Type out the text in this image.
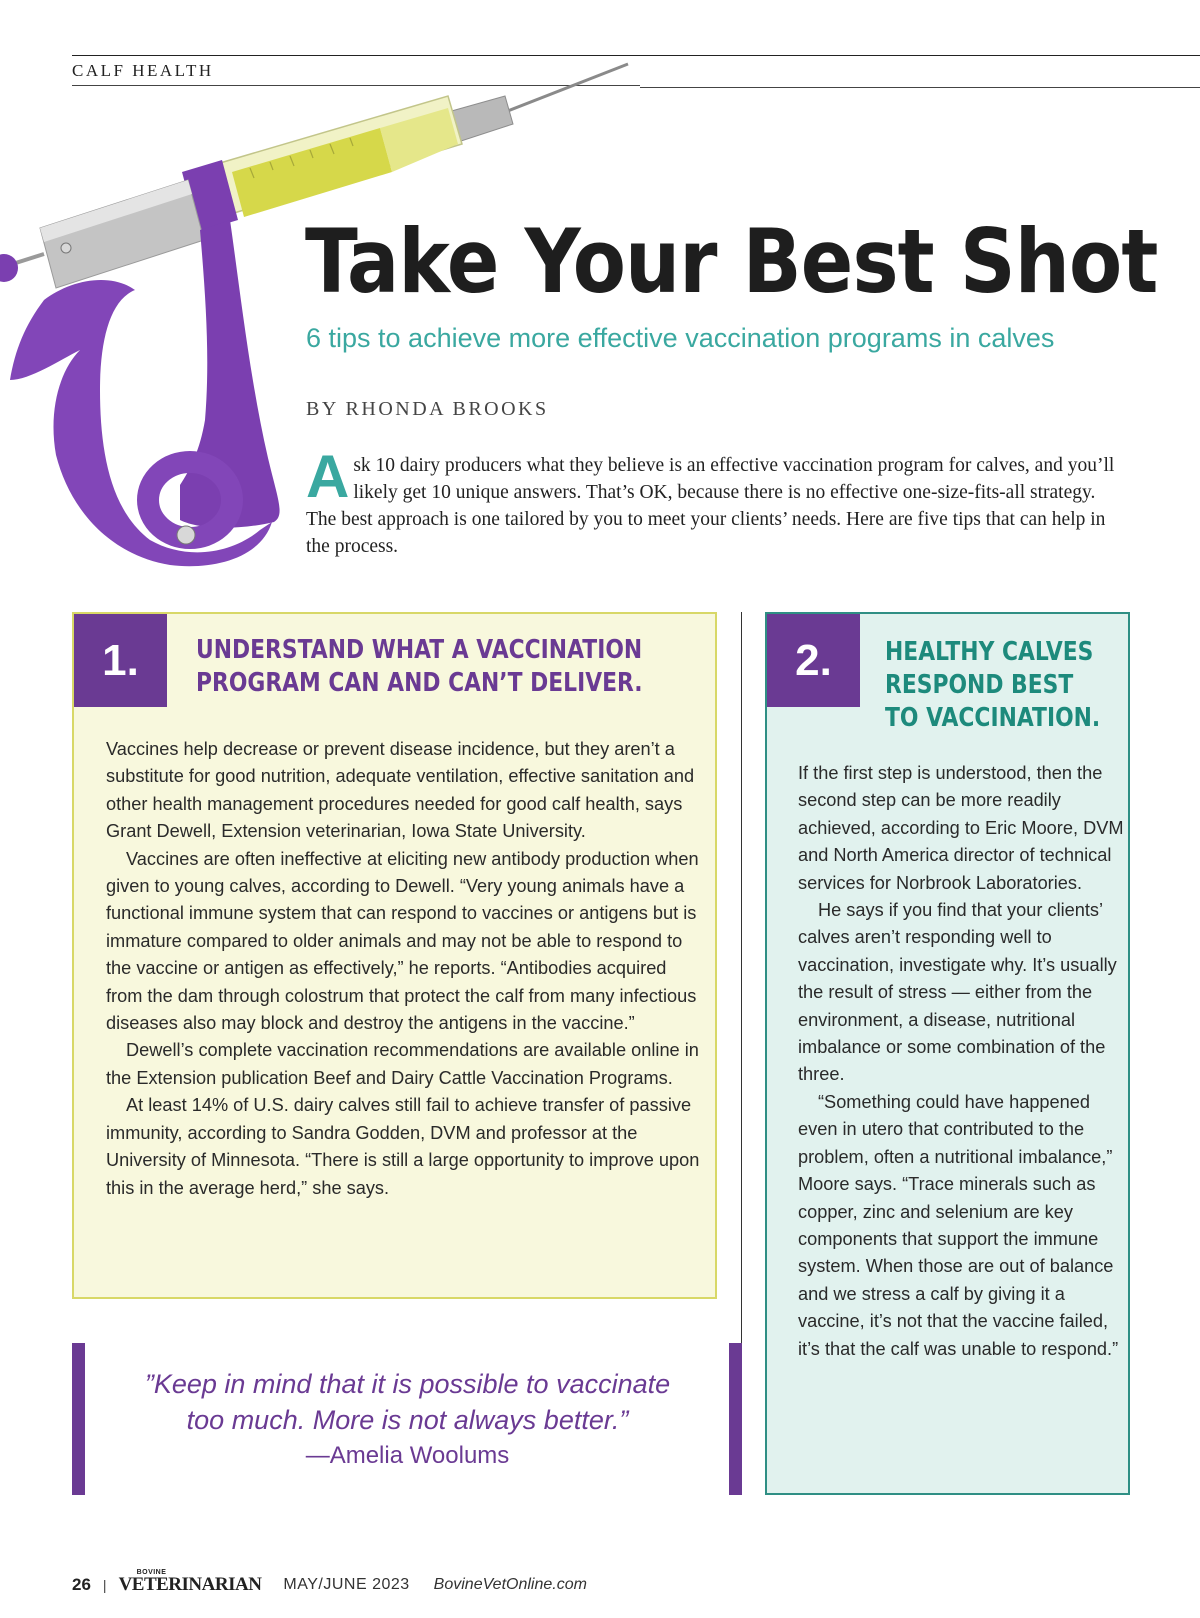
CALF HEALTH
Take Your Best Shot
6 tips to achieve more effective vaccination programs in calves
BY RHONDA BROOKS
Ask 10 dairy producers what they believe is an effective vaccination program for calves, and you’ll likely get 10 unique answers. That’s OK, because there is no effective one-size-fits-all strategy. The best approach is one tailored by you to meet your clients’ needs. Here are five tips that can help in the process.
1.	UNDERSTAND WHAT A VACCINATION
PROGRAM CAN AND CAN’T DELIVER.

Vaccines help decrease or prevent disease incidence, but they aren’t a substitute for good nutrition, adequate ventilation, effective sanitation and other health management procedures needed for good calf health, says Grant Dewell, Extension veterinarian, Iowa State University.

Vaccines are often ineffective at eliciting new antibody production when given to young calves, according to Dewell. “Very young animals have a functional immune system that can respond to vaccines or antigens but is immature compared to older animals and may not be able to respond to the vaccine or antigen as effectively,” he reports. “Antibodies acquired from the dam through colostrum that protect the calf from many infectious diseases also may block and destroy the antigens in the vaccine.”

Dewell’s complete vaccination recommendations are available online in the Extension publication Beef and Dairy Cattle Vaccination Programs.

At least 14% of U.S. dairy calves still fail to achieve transfer of passive immunity, according to Sandra Godden, DVM and professor at the University of Minnesota. “There is still a large opportunity to improve upon this in the average herd,” she says.

2.	HEALTHY CALVES
RESPOND BEST
TO VACCINATION.

If the first step is understood, then the second step can be more readily achieved, according to Eric Moore, DVM and North America director of technical services for Norbrook Laboratories.

He says if you find that your clients’ calves aren’t responding well to vaccination, investigate why. It’s usually the result of stress — either from the environment, a disease, nutritional imbalance or some combination of the three.

“Something could have happened even in utero that contributed to the problem, often a nutritional imbalance,” Moore says. “Trace minerals such as copper, zinc and selenium are key components that support the immune system. When those are out of balance and we stress a calf by giving it a vaccine, it’s not that the vaccine failed, it’s that the calf was unable to respond.”

”Keep in mind that it is possible to vaccinate
too much. More is not always better.”
—Amelia Woolums
26 |
BOVINE
VETERINARIAN MAY/JUNE 2023 BovineVetOnline.com
